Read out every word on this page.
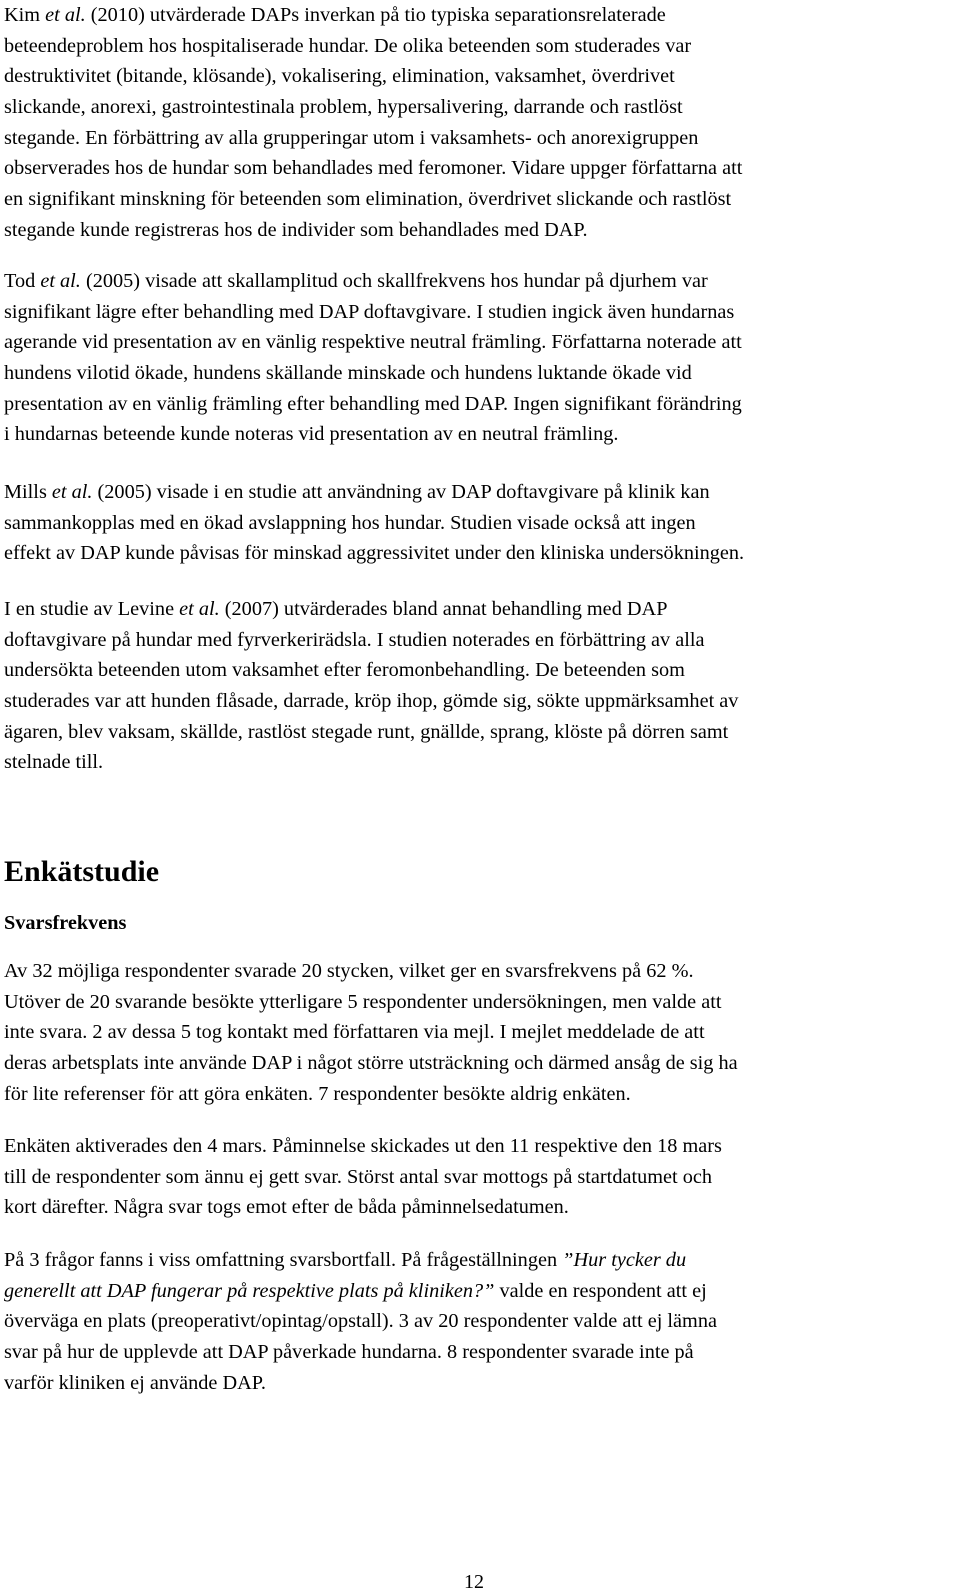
Kim et al. (2010) utvärderade DAPs inverkan på tio typiska separationsrelaterade
beteendeproblem hos hospitaliserade hundar. De olika beteenden som studerades var
destruktivitet (bitande, klösande), vokalisering, elimination, vaksamhet, överdrivet
slickande, anorexi, gastrointestinala problem, hypersalivering, darrande och rastlöst
stegande. En förbättring av alla grupperingar utom i vaksamhets- och anorexigruppen
observerades hos de hundar som behandlades med feromoner. Vidare uppger författarna att
en signifikant minskning för beteenden som elimination, överdrivet slickande och rastlöst
stegande kunde registreras hos de individer som behandlades med DAP.
Tod et al. (2005) visade att skallamplitud och skallfrekvens hos hundar på djurhem var
signifikant lägre efter behandling med DAP doftavgivare. I studien ingick även hundarnas
agerande vid presentation av en vänlig respektive neutral främling. Författarna noterade att
hundens vilotid ökade, hundens skällande minskade och hundens luktande ökade vid
presentation av en vänlig främling efter behandling med DAP. Ingen signifikant förändring
i hundarnas beteende kunde noteras vid presentation av en neutral främling.
Mills et al. (2005) visade i en studie att användning av DAP doftavgivare på klinik kan
sammankopplas med en ökad avslappning hos hundar. Studien visade också att ingen
effekt av DAP kunde påvisas för minskad aggressivitet under den kliniska undersökningen.
I en studie av Levine et al. (2007) utvärderades bland annat behandling med DAP
doftavgivare på hundar med fyrverkerirädsla. I studien noterades en förbättring av alla
undersökta beteenden utom vaksamhet efter feromonbehandling. De beteenden som
studerades var att hunden flåsade, darrade, kröp ihop, gömde sig, sökte uppmärksamhet av
ägaren, blev vaksam, skällde, rastlöst stegade runt, gnällde, sprang, klöste på dörren samt
stelnade till.
Enkätstudie
Svarsfrekvens
Av 32 möjliga respondenter svarade 20 stycken, vilket ger en svarsfrekvens på 62 %.
Utöver de 20 svarande besökte ytterligare 5 respondenter undersökningen, men valde att
inte svara. 2 av dessa 5 tog kontakt med författaren via mejl. I mejlet meddelade de att
deras arbetsplats inte använde DAP i något större utsträckning och därmed ansåg de sig ha
för lite referenser för att göra enkäten. 7 respondenter besökte aldrig enkäten.
Enkäten aktiverades den 4 mars. Påminnelse skickades ut den 11 respektive den 18 mars
till de respondenter som ännu ej gett svar. Störst antal svar mottogs på startdatumet och
kort därefter. Några svar togs emot efter de båda påminnelsedatumen.
På 3 frågor fanns i viss omfattning svarsbortfall. På frågeställningen ”Hur tycker du
generellt att DAP fungerar på respektive plats på kliniken?” valde en respondent att ej
överväga en plats (preoperativt/opintag/opstall). 3 av 20 respondenter valde att ej lämna
svar på hur de upplevde att DAP påverkade hundarna. 8 respondenter svarade inte på
varför kliniken ej använde DAP.
12
